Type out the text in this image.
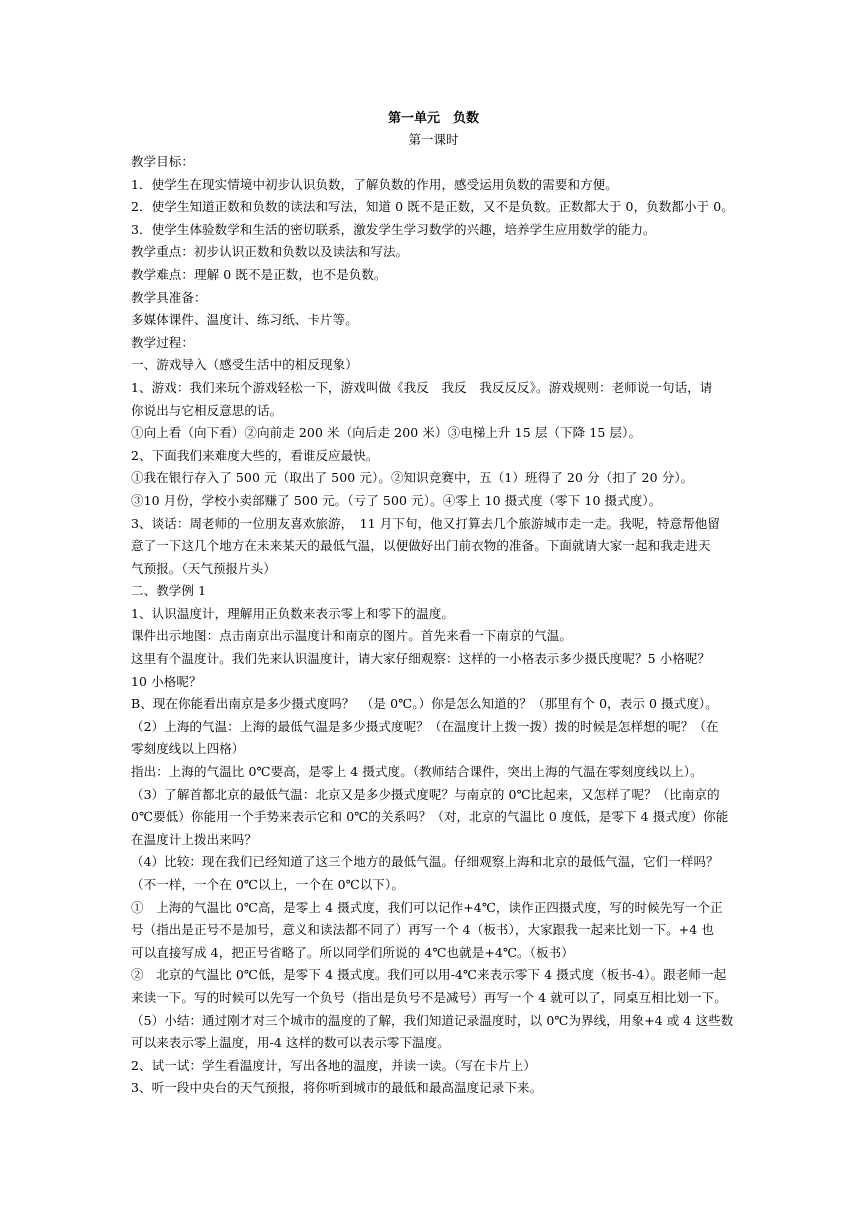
第一单元　负数
第一课时
教学目标：
1．使学生在现实情境中初步认识负数，了解负数的作用，感受运用负数的需要和方便。
2．使学生知道正数和负数的读法和写法，知道 0 既不是正数，又不是负数。正数都大于 0，负数都小于 0。
3．使学生体验数学和生活的密切联系，激发学生学习数学的兴趣，培养学生应用数学的能力。
教学重点：初步认识正数和负数以及读法和写法。
教学难点：理解 0 既不是正数，也不是负数。
教学具准备：
多媒体课件、温度计、练习纸、卡片等。
教学过程：
一、游戏导入（感受生活中的相反现象）
1、游戏：我们来玩个游戏轻松一下，游戏叫做《我反　我反　我反反反》。游戏规则：老师说一句话，请
你说出与它相反意思的话。
①向上看（向下看）②向前走 200 米（向后走 200 米）③电梯上升 15 层（下降 15 层）。
2、下面我们来难度大些的，看谁反应最快。
①我在银行存入了 500 元（取出了 500 元）。②知识竞赛中，五（1）班得了 20 分（扣了 20 分）。
③10 月份，学校小卖部赚了 500 元。（亏了 500 元）。④零上 10 摄式度（零下 10 摄式度）。
3、谈话：周老师的一位朋友喜欢旅游，　11 月下旬，他又打算去几个旅游城市走一走。我呢，特意帮他留
意了一下这几个地方在未来某天的最低气温，以便做好出门前衣物的准备。下面就请大家一起和我走进天
气预报。（天气预报片头）
二、教学例 1
1、认识温度计，理解用正负数来表示零上和零下的温度。
课件出示地图：点击南京出示温度计和南京的图片。首先来看一下南京的气温。
这里有个温度计。我们先来认识温度计，请大家仔细观察：这样的一小格表示多少摄氏度呢？5 小格呢？
10 小格呢？
B、现在你能看出南京是多少摄式度吗？　（是 0℃。）你是怎么知道的？（那里有个 0，表示 0 摄式度）。
（2）上海的气温：上海的最低气温是多少摄式度呢？（在温度计上拨一拨）拨的时候是怎样想的呢？（在
零刻度线以上四格）
指出：上海的气温比 0℃要高，是零上 4 摄式度。（教师结合课件，突出上海的气温在零刻度线以上）。
（3）了解首都北京的最低气温：北京又是多少摄式度呢？与南京的 0℃比起来，又怎样了呢？（比南京的
0℃要低）你能用一个手势来表示它和 0℃的关系吗？（对，北京的气温比 0 度低，是零下 4 摄式度）你能
在温度计上拨出来吗？
（4）比较：现在我们已经知道了这三个地方的最低气温。仔细观察上海和北京的最低气温，它们一样吗？
（不一样，一个在 0℃以上，一个在 0℃以下）。
①　上海的气温比 0℃高，是零上 4 摄式度，我们可以记作+4℃，读作正四摄式度，写的时候先写一个正
号（指出是正号不是加号，意义和读法都不同了）再写一个 4（板书），大家跟我一起来比划一下。+4 也
可以直接写成 4，把正号省略了。所以同学们所说的 4℃也就是+4℃。（板书）
②　北京的气温比 0℃低，是零下 4 摄式度。我们可以用-4℃来表示零下 4 摄式度（板书-4）。跟老师一起
来读一下。写的时候可以先写一个负号（指出是负号不是减号）再写一个 4 就可以了，同桌互相比划一下。
（5）小结：通过刚才对三个城市的温度的了解，我们知道记录温度时，以 0℃为界线，用象+4 或 4 这些数
可以来表示零上温度，用-4 这样的数可以表示零下温度。
2、试一试：学生看温度计，写出各地的温度，并读一读。（写在卡片上）
3、听一段中央台的天气预报，将你听到城市的最低和最高温度记录下来。
